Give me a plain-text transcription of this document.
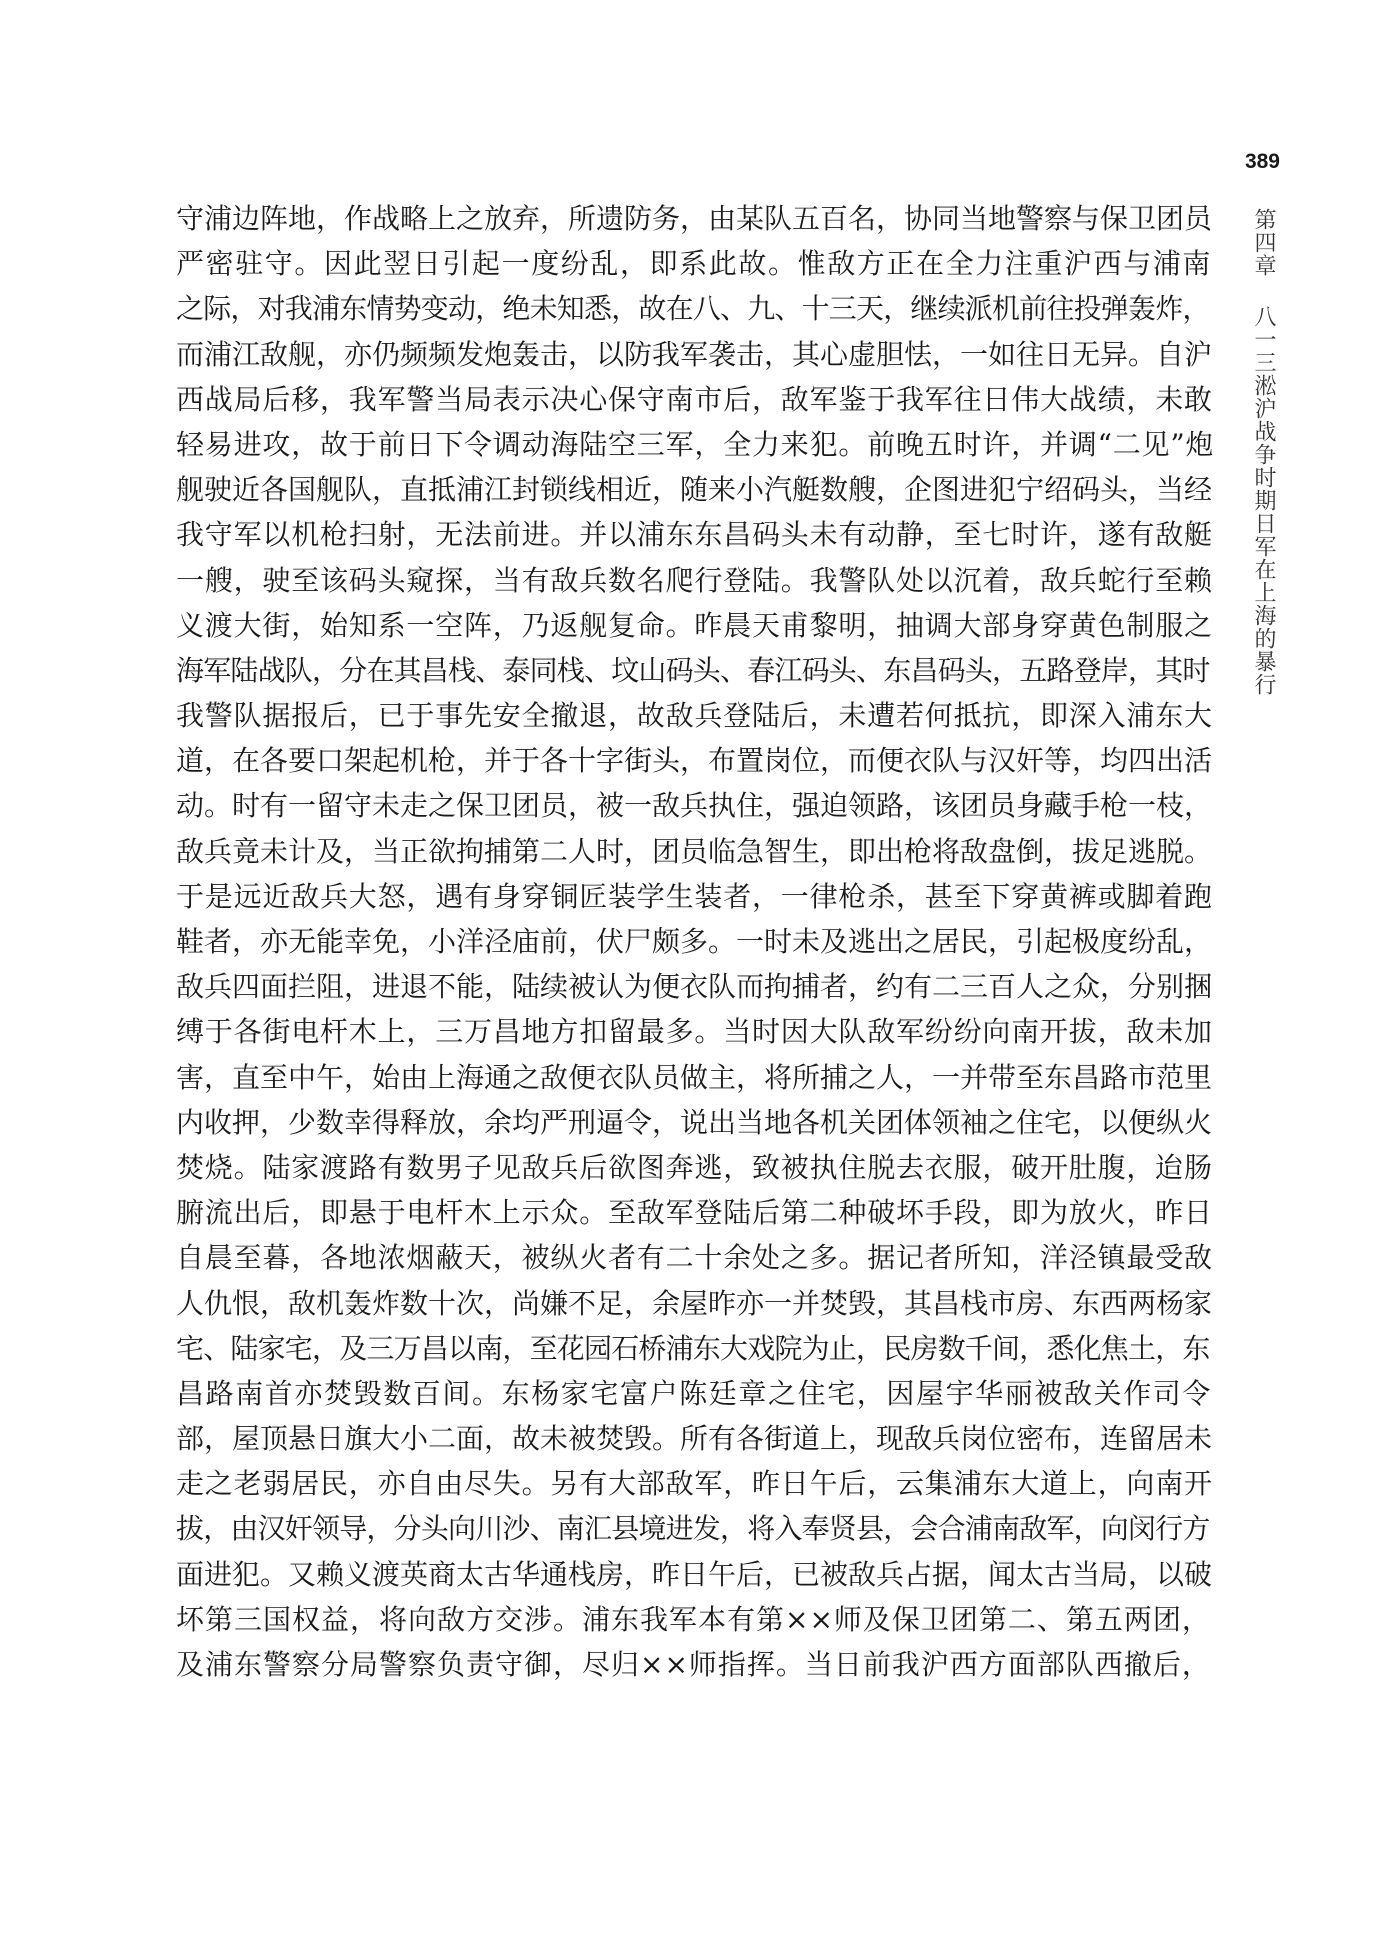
389
第四章八一三淞沪战争时期日军在上海的暴行
守浦边阵地，作战略上之放弃，所遗防务，由某队五百名，协同当地警察与保卫团员
严密驻守。因此翌日引起一度纷乱，即系此故。惟敌方正在全力注重沪西与浦南
之际，对我浦东情势变动，绝未知悉，故在八、九、十三天，继续派机前往投弹轰炸，
而浦江敌舰，亦仍频频发炮轰击，以防我军袭击，其心虚胆怯，一如往日无异。自沪
西战局后移，我军警当局表示决心保守南市后，敌军鉴于我军往日伟大战绩，未敢
轻易进攻，故于前日下令调动海陆空三军，全力来犯。前晚五时许，并调“二见”炮
舰驶近各国舰队，直抵浦江封锁线相近，随来小汽艇数艘，企图进犯宁绍码头，当经
我守军以机枪扫射，无法前进。并以浦东东昌码头未有动静，至七时许，遂有敌艇
一艘，驶至该码头窥探，当有敌兵数名爬行登陆。我警队处以沉着，敌兵蛇行至赖
义渡大街，始知系一空阵，乃返舰复命。昨晨天甫黎明，抽调大部身穿黄色制服之
海军陆战队，分在其昌栈、泰同栈、坟山码头、春江码头、东昌码头，五路登岸，其时
我警队据报后，已于事先安全撤退，故敌兵登陆后，未遭若何抵抗，即深入浦东大
道，在各要口架起机枪，并于各十字街头，布置岗位，而便衣队与汉奸等，均四出活
动。时有一留守未走之保卫团员，被一敌兵执住，强迫领路，该团员身藏手枪一枝，
敌兵竟未计及，当正欲拘捕第二人时，团员临急智生，即出枪将敌盘倒，拔足逃脱。
于是远近敌兵大怒，遇有身穿铜匠装学生装者，一律枪杀，甚至下穿黄裤或脚着跑
鞋者，亦无能幸免，小洋泾庙前，伏尸颇多。一时未及逃出之居民，引起极度纷乱，
敌兵四面拦阻，进退不能，陆续被认为便衣队而拘捕者，约有二三百人之众，分别捆
缚于各街电杆木上，三万昌地方扣留最多。当时因大队敌军纷纷向南开拔，敌未加
害，直至中午，始由上海通之敌便衣队员做主，将所捕之人，一并带至东昌路市范里
内收押，少数幸得释放，余均严刑逼令，说出当地各机关团体领袖之住宅，以便纵火
焚烧。陆家渡路有数男子见敌兵后欲图奔逃，致被执住脱去衣服，破开肚腹，迨肠
腑流出后，即悬于电杆木上示众。至敌军登陆后第二种破坏手段，即为放火，昨日
自晨至暮，各地浓烟蔽天，被纵火者有二十余处之多。据记者所知，洋泾镇最受敌
人仇恨，敌机轰炸数十次，尚嫌不足，余屋昨亦一并焚毁，其昌栈市房、东西两杨家
宅、陆家宅，及三万昌以南，至花园石桥浦东大戏院为止，民房数千间，悉化焦土，东
昌路南首亦焚毁数百间。东杨家宅富户陈廷章之住宅，因屋宇华丽被敌关作司令
部，屋顶悬日旗大小二面，故未被焚毁。所有各街道上，现敌兵岗位密布，连留居未
走之老弱居民，亦自由尽失。另有大部敌军，昨日午后，云集浦东大道上，向南开
拔，由汉奸领导，分头向川沙、南汇县境进发，将入奉贤县，会合浦南敌军，向闵行方
面进犯。又赖义渡英商太古华通栈房，昨日午后，已被敌兵占据，闻太古当局，以破
坏第三国权益，将向敌方交涉。浦东我军本有第××师及保卫团第二、第五两团，
及浦东警察分局警察负责守御，尽归××师指挥。当日前我沪西方面部队西撤后，
